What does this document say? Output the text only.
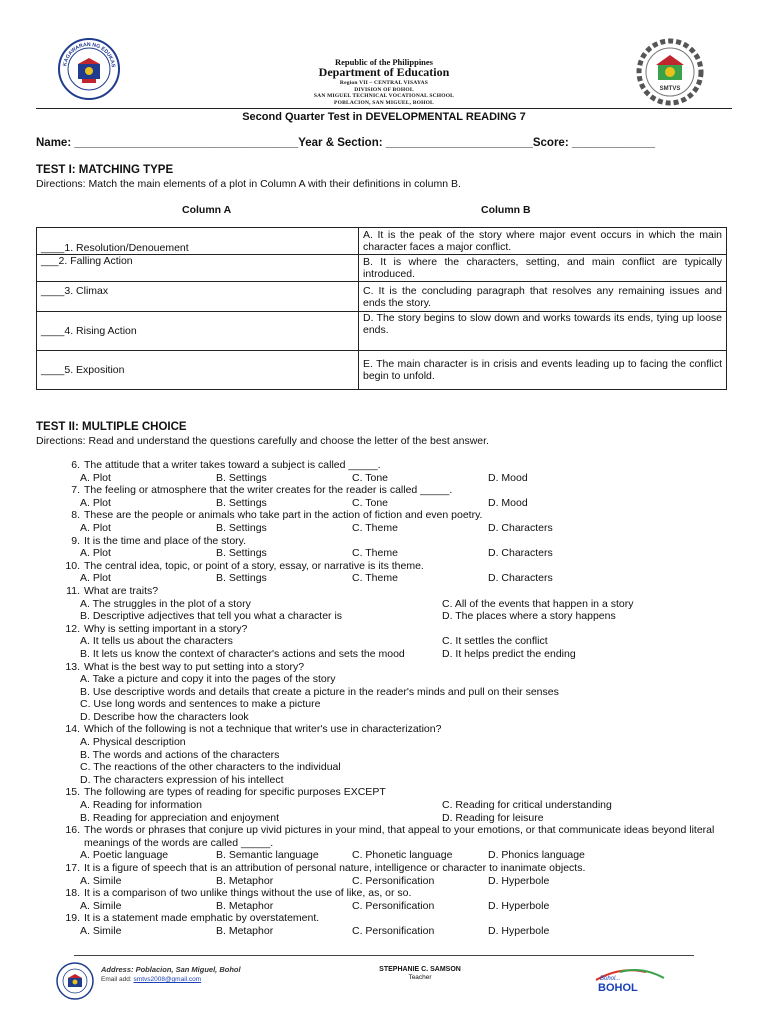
KAGAWARAN NG EDUKAS
SMTVS
Republic of the Philippines
Department of Education
Region VII – CENTRAL VISAYAS
DIVISION OF BOHOL
SAN MIGUEL TECHNICAL VOCATIONAL SCHOOL
POBLACION, SAN MIGUEL, BOHOL
Second Quarter Test in DEVELOPMENTAL READING 7
Name: ___________________________________Year & Section: _______________________Score: _____________
TEST I: MATCHING TYPE
Directions: Match the main elements of a plot in Column A with their definitions in column B.
Column A	Column B
____1. Resolution/Denouement	A. It is the peak of the story where major event occurs in which the main character faces a major conflict.
___2. Falling Action	B. It is where the characters, setting, and main conflict are typically introduced.
____3. Climax	C. It is the concluding paragraph that resolves any remaining issues and ends the story.
____4. Rising Action	D. The story begins to slow down and works towards its ends, tying up loose ends.
____5. Exposition	E. The main character is in crisis and events leading up to facing the conflict begin to unfold.
TEST II: MULTIPLE CHOICE
Directions: Read and understand the questions carefully and choose the letter of the best answer.
6. The attitude that a writer takes toward a subject is called _____.
A. Plot	B. Settings	C. Tone	D. Mood
7. The feeling or atmosphere that the writer creates for the reader is called _____.
A. Plot	B. Settings	C. Tone	D. Mood
8. These are the people or animals who take part in the action of fiction and even poetry.
A. Plot	B. Settings	C. Theme	D. Characters
9. It is the time and place of the story.
A. Plot	B. Settings	C. Theme	D. Characters
10. The central idea, topic, or point of a story, essay, or narrative is its theme.
A. Plot	B. Settings	C. Theme	D. Characters
11. What are traits?
A. The struggles in the plot of a story	C. All of the events that happen in a story
B. Descriptive adjectives that tell you what a character is	D. The places where a story happens
12. Why is setting important in a story?
A. It tells us about the characters	C. It settles the conflict
B. It lets us know the context of character's actions and sets the mood	D. It helps predict the ending
13. What is the best way to put setting into a story?
A. Take a picture and copy it into the pages of the story
B. Use descriptive words and details that create a picture in the reader's minds and pull on their senses
C. Use long words and sentences to make a picture
D. Describe how the characters look
14. Which of the following is not a technique that writer's use in characterization?
A. Physical description
B. The words and actions of the characters
C. The reactions of the other characters to the individual
D. The characters expression of his intellect
15. The following are types of reading for specific purposes EXCEPT
A. Reading for information	C. Reading for critical understanding
B. Reading for appreciation and enjoyment	D. Reading for leisure
16. The words or phrases that conjure up vivid pictures in your mind, that appeal to your emotions, or that communicate ideas beyond literal meanings of the words are called _____.
A. Poetic language	B. Semantic language	C. Phonetic language	D. Phonics language
17. It is a figure of speech that is an attribution of personal nature, intelligence or character to inanimate objects.
A. Simile	B. Metaphor	C. Personification	D. Hyperbole
18. It is a comparison of two unlike things without the use of like, as, or so.
A. Simile	B. Metaphor	C. Personification	D. Hyperbole
19. It is a statement made emphatic by overstatement.
A. Simile	B. Metaphor	C. Personification	D. Hyperbole
Address: Poblacion, San Miguel, Bohol
Email add: smtvs2008@gmail.com
STEPHANIE C. SAMSON
Teacher	Bohol...
BOHOL
